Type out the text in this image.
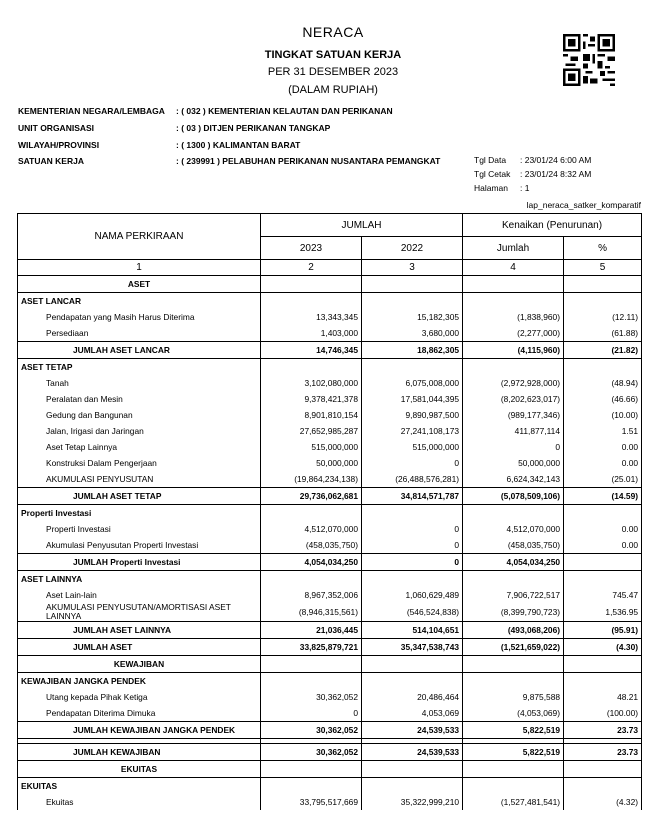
NERACA
TINGKAT SATUAN KERJA
PER 31 DESEMBER 2023
(DALAM RUPIAH)
KEMENTERIAN NEGARA/LEMBAGA : ( 032 ) KEMENTERIAN KELAUTAN DAN PERIKANAN
UNIT ORGANISASI	: ( 03 ) DITJEN PERIKANAN TANGKAP
WILAYAH/PROVINSI	: ( 1300 ) KALIMANTAN BARAT
SATUAN KERJA	: ( 239991 ) PELABUHAN PERIKANAN NUSANTARA PEMANGKAT	Tgl Data : 23/01/24 6:00 AM
Tgl Cetak : 23/01/24 8:32 AM
Halaman : 1
lap_neraca_satker_komparatif
NAMA PERKIRAAN	JUMLAH		Kenaikan (Penurunan)	
	2023	2022	Jumlah	%
1	2	3	4	5
ASET				
ASET LANCAR				
Pendapatan yang Masih Harus Diterima	13,343,345	15,182,305	(1,838,960)	(12.11)
Persediaan	1,403,000	3,680,000	(2,277,000)	(61.88)
JUMLAH ASET LANCAR	14,746,345	18,862,305	(4,115,960)	(21.82)
ASET TETAP				
Tanah	3,102,080,000	6,075,008,000	(2,972,928,000)	(48.94)
Peralatan dan Mesin	9,378,421,378	17,581,044,395	(8,202,623,017)	(46.66)
Gedung dan Bangunan	8,901,810,154	9,890,987,500	(989,177,346)	(10.00)
Jalan, Irigasi dan Jaringan	27,652,985,287	27,241,108,173	411,877,114	1.51
Aset Tetap Lainnya	515,000,000	515,000,000	0	0.00
Konstruksi Dalam Pengerjaan	50,000,000	0	50,000,000	0.00
AKUMULASI PENYUSUTAN	(19,864,234,138)	(26,488,576,281)	6,624,342,143	(25.01)
JUMLAH ASET TETAP	29,736,062,681	34,814,571,787	(5,078,509,106)	(14.59)
Properti Investasi				
Properti Investasi	4,512,070,000	0	4,512,070,000	0.00
Akumulasi Penyusutan Properti Investasi	(458,035,750)	0	(458,035,750)	0.00
JUMLAH Properti Investasi	4,054,034,250	0	4,054,034,250	
ASET LAINNYA				
Aset Lain-lain	8,967,352,006	1,060,629,489	7,906,722,517	745.47
AKUMULASI PENYUSUTAN/AMORTISASI ASET LAINNYA	(8,946,315,561)	(546,524,838)	(8,399,790,723)	1,536.95
JUMLAH ASET LAINNYA	21,036,445	514,104,651	(493,068,206)	(95.91)
JUMLAH ASET	33,825,879,721	35,347,538,743	(1,521,659,022)	(4.30)
KEWAJIBAN				
KEWAJIBAN JANGKA PENDEK				
Utang kepada Pihak Ketiga	30,362,052	20,486,464	9,875,588	48.21
Pendapatan Diterima Dimuka	0	4,053,069	(4,053,069)	(100.00)
JUMLAH KEWAJIBAN JANGKA PENDEK	30,362,052	24,539,533	5,822,519	23.73

JUMLAH KEWAJIBAN	30,362,052	24,539,533	5,822,519	23.73
EKUITAS				
EKUITAS				
Ekuitas	33,795,517,669	35,322,999,210	(1,527,481,541)	(4.32)
